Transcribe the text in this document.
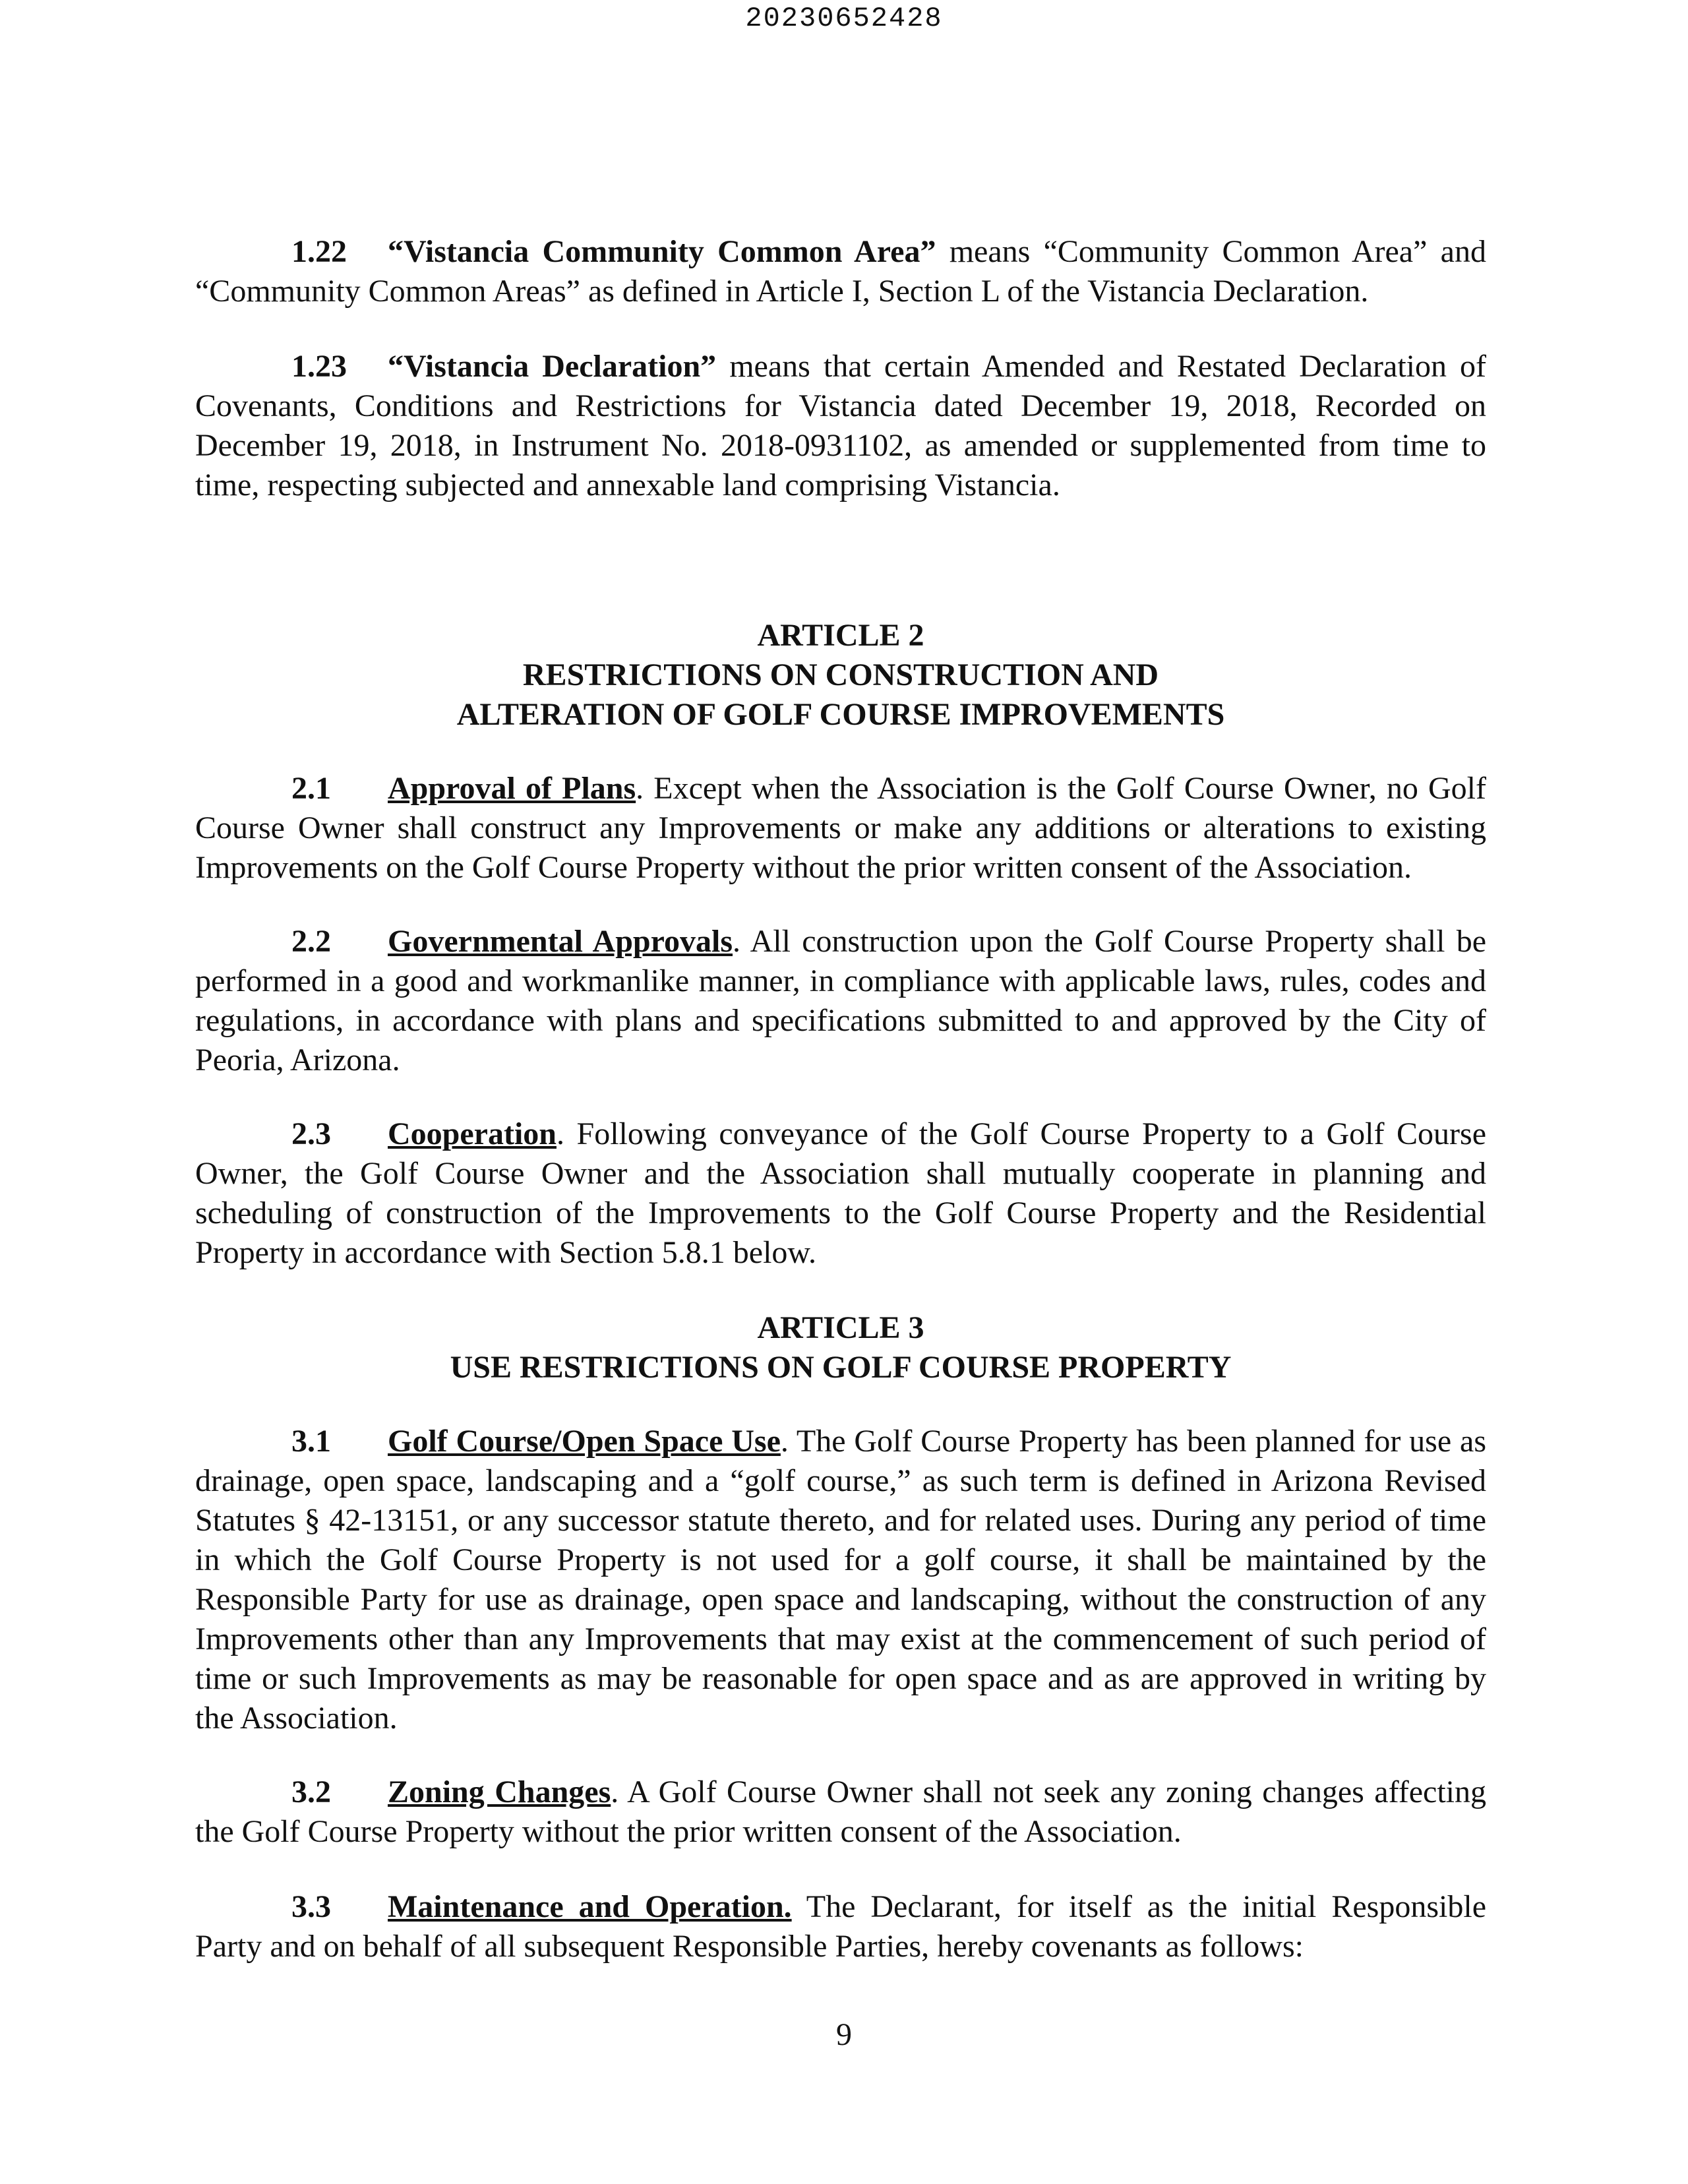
20230652428

1.22 “Vistancia Community Common Area” means “Community Common Area” and “Community Common Areas” as defined in Article I, Section L of the Vistancia Declaration.

1.23 “Vistancia Declaration” means that certain Amended and Restated Declaration of Covenants, Conditions and Restrictions for Vistancia dated December 19, 2018, Recorded on December 19, 2018, in Instrument No. 2018-0931102, as amended or supplemented from time to time, respecting subjected and annexable land comprising Vistancia.

ARTICLE 2

RESTRICTIONS ON CONSTRUCTION AND

ALTERATION OF GOLF COURSE IMPROVEMENTS

2.1 Approval of Plans. Except when the Association is the Golf Course Owner, no Golf Course Owner shall construct any Improvements or make any additions or alterations to existing Improvements on the Golf Course Property without the prior written consent of the Association.

2.2 Governmental Approvals. All construction upon the Golf Course Property shall be performed in a good and workmanlike manner, in compliance with applicable laws, rules, codes and regulations, in accordance with plans and specifications submitted to and approved by the City of Peoria, Arizona.

2.3 Cooperation. Following conveyance of the Golf Course Property to a Golf Course Owner, the Golf Course Owner and the Association shall mutually cooperate in planning and scheduling of construction of the Improvements to the Golf Course Property and the Residential Property in accordance with Section 5.8.1 below.

ARTICLE 3

USE RESTRICTIONS ON GOLF COURSE PROPERTY

3.1 Golf Course/Open Space Use. The Golf Course Property has been planned for use as drainage, open space, landscaping and a “golf course,” as such term is defined in Arizona Revised Statutes § 42-13151, or any successor statute thereto, and for related uses. During any period of time in which the Golf Course Property is not used for a golf course, it shall be maintained by the Responsible Party for use as drainage, open space and landscaping, without the construction of any Improvements other than any Improvements that may exist at the commencement of such period of time or such Improvements as may be reasonable for open space and as are approved in writing by the Association.

3.2 Zoning Changes. A Golf Course Owner shall not seek any zoning changes affecting the Golf Course Property without the prior written consent of the Association.

3.3 Maintenance and Operation. The Declarant, for itself as the initial Responsible Party and on behalf of all subsequent Responsible Parties, hereby covenants as follows:

9
